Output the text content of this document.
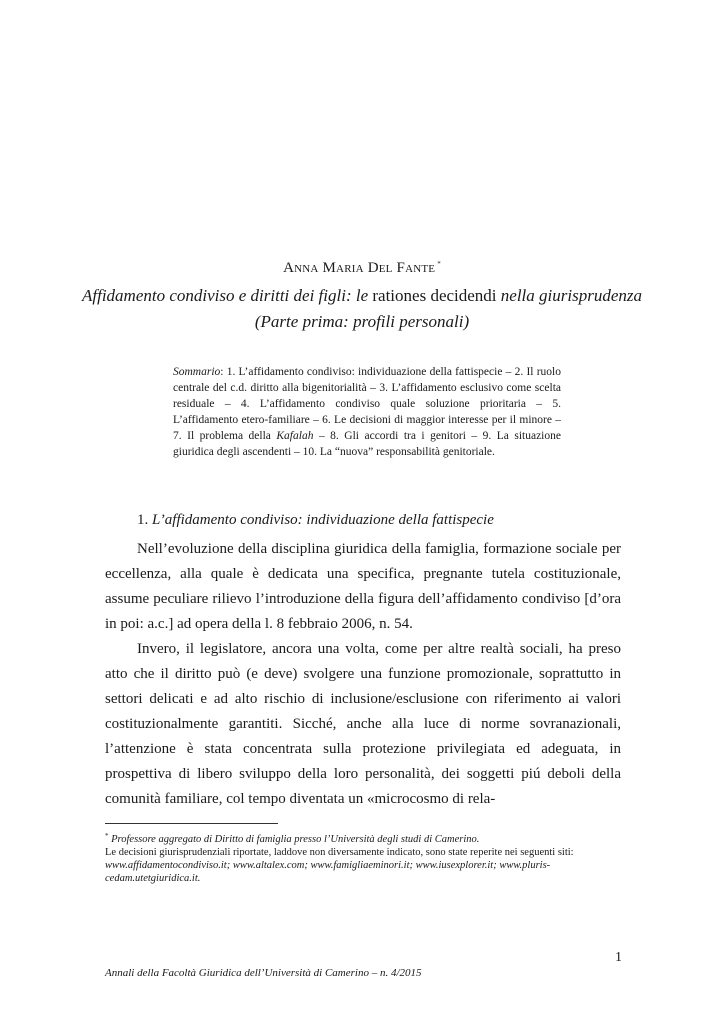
ANNA MARIA DEL FANTE *
Affidamento condiviso e diritti dei figli: le rationes decidendi nella giurisprudenza
(Parte prima: profili personali)
Sommario: 1. L’affidamento condiviso: individuazione della fattispecie – 2. Il ruolo centrale del c.d. diritto alla bigenitorialità – 3. L’affidamento esclusivo come scelta residuale – 4. L’affidamento condiviso quale soluzione prioritaria – 5. L’affidamento etero-familiare – 6. Le decisioni di maggior interesse per il minore – 7. Il problema della Kafalah – 8. Gli accordi tra i genitori – 9. La situazione giuridica degli ascendenti – 10. La “nuova” responsabilità genitoriale.
1. L’affidamento condiviso: individuazione della fattispecie

Nell’evoluzione della disciplina giuridica della famiglia, formazione sociale per eccellenza, alla quale è dedicata una specifica, pregnante tutela costituzionale, assume peculiare rilievo l’introduzione della figura dell’affidamento condiviso [d’ora in poi: a.c.] ad opera della l. 8 febbraio 2006, n. 54.

Invero, il legislatore, ancora una volta, come per altre realtà sociali, ha preso atto che il diritto può (e deve) svolgere una funzione promozionale, soprattutto in settori delicati e ad alto rischio di inclusione/esclusione con riferimento ai valori costituzionalmente garantiti. Sicché, anche alla luce di norme sovranazionali, l’attenzione è stata concentrata sulla protezione privilegiata ed adeguata, in prospettiva di libero sviluppo della loro personalità, dei soggetti piú deboli della comunità familiare, col tempo diventata un «microcosmo di rela-

* Professore aggregato di Diritto di famiglia presso l’Università degli studi di Camerino.

Le decisioni giurisprudenziali riportate, laddove non diversamente indicato, sono state reperite nei seguenti siti:

www.affidamentocondiviso.it; www.altalex.com; www.famigliaeminori.it; www.iusexplorer.it; www.pluris-cedam.utetgiuridica.it.

1
Annali della Facoltà Giuridica dell’Università di Camerino – n. 4/2015
